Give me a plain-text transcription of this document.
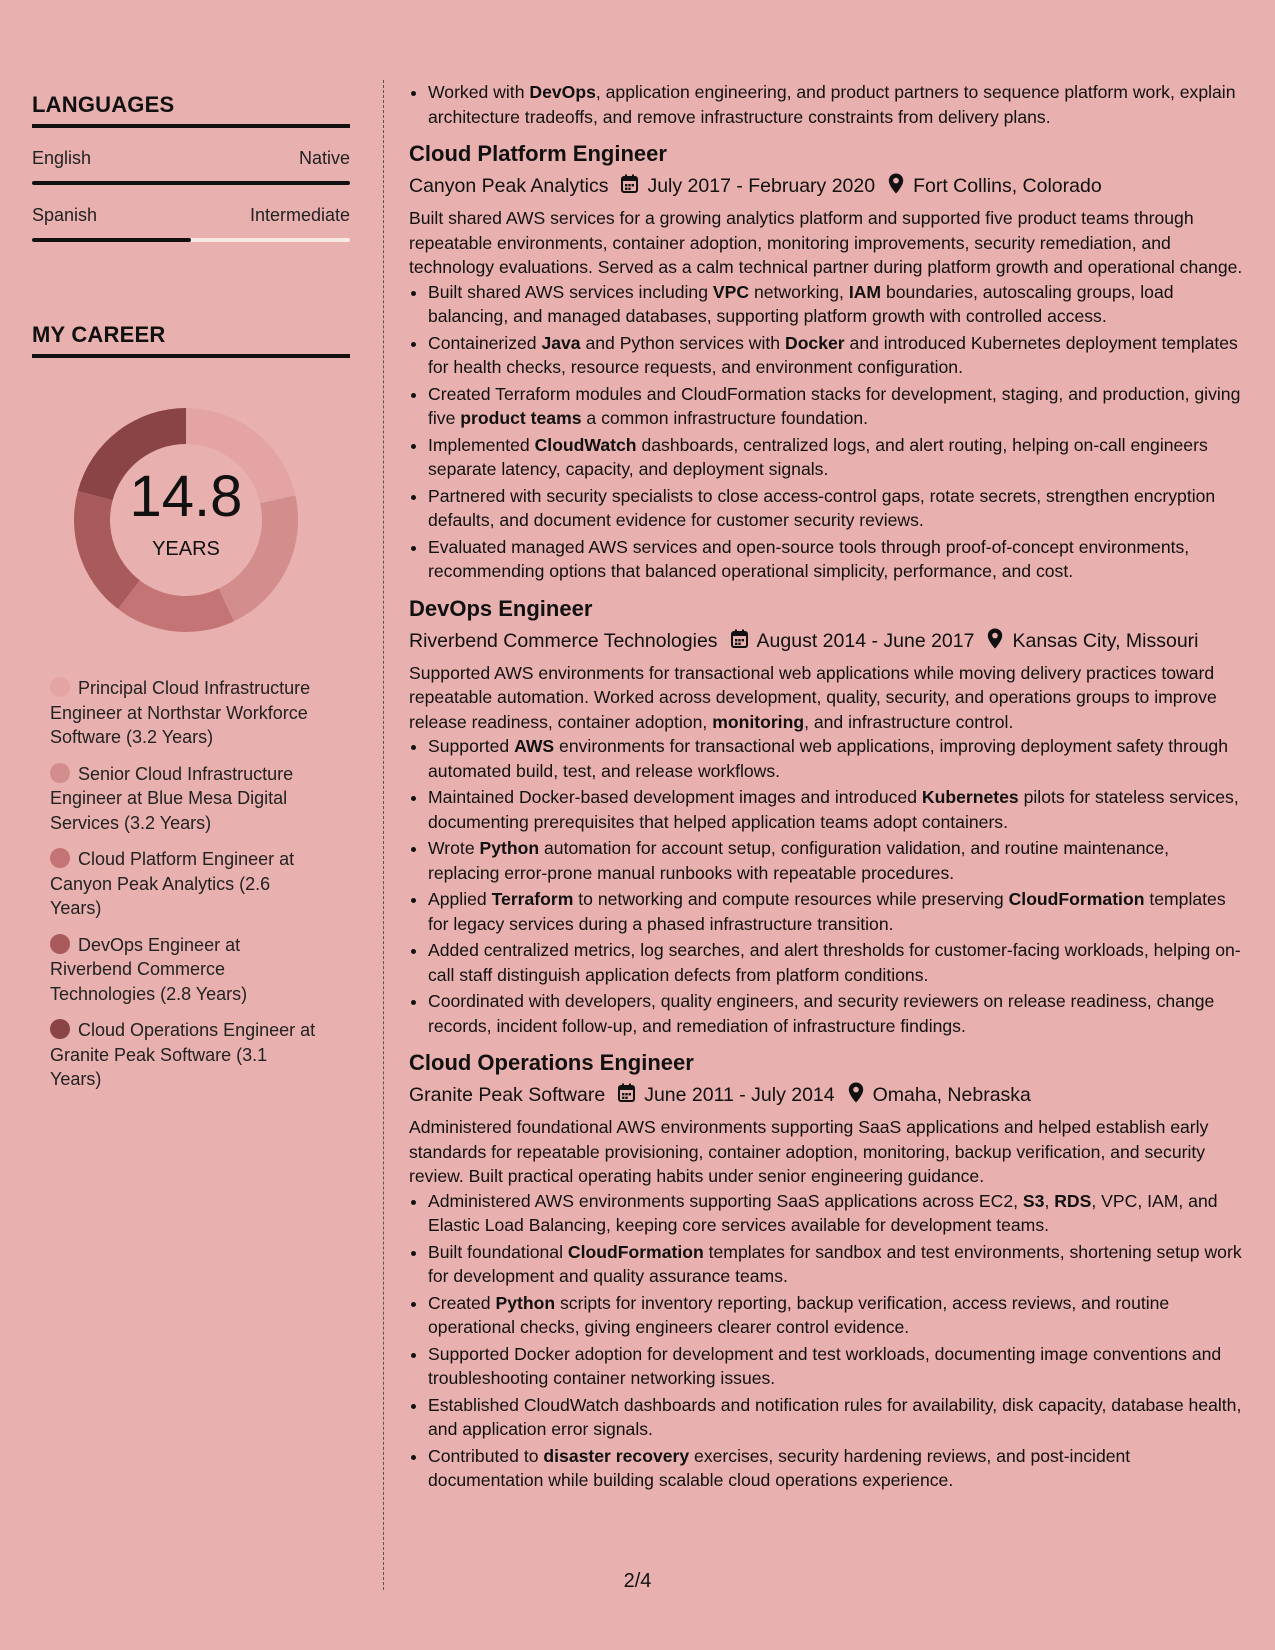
LANGUAGES
English	Native
Spanish	Intermediate
MY CAREER
14.8
YEARS
Principal Cloud Infrastructure Engineer at Northstar Workforce Software (3.2 Years)
Senior Cloud Infrastructure Engineer at Blue Mesa Digital Services (3.2 Years)
Cloud Platform Engineer at Canyon Peak Analytics (2.6 Years)
DevOps Engineer at Riverbend Commerce Technologies (2.8 Years)
Cloud Operations Engineer at Granite Peak Software (3.1 Years)
• Worked with DevOps, application engineering, and product partners to sequence platform work, explain architecture tradeoffs, and remove infrastructure constraints from delivery plans.
Cloud Platform Engineer
Canyon Peak Analytics July 2017 - February 2020 Fort Collins, Colorado
Built shared AWS services for a growing analytics platform and supported five product teams through repeatable environments, container adoption, monitoring improvements, security remediation, and technology evaluations. Served as a calm technical partner during platform growth and operational change.
• Built shared AWS services including VPC networking, IAM boundaries, autoscaling groups, load balancing, and managed databases, supporting platform growth with controlled access.
• Containerized Java and Python services with Docker and introduced Kubernetes deployment templates for health checks, resource requests, and environment configuration.
• Created Terraform modules and CloudFormation stacks for development, staging, and production, giving five product teams a common infrastructure foundation.
• Implemented CloudWatch dashboards, centralized logs, and alert routing, helping on-call engineers separate latency, capacity, and deployment signals.
• Partnered with security specialists to close access-control gaps, rotate secrets, strengthen encryption defaults, and document evidence for customer security reviews.
• Evaluated managed AWS services and open-source tools through proof-of-concept environments, recommending options that balanced operational simplicity, performance, and cost.
DevOps Engineer
Riverbend Commerce Technologies August 2014 - June 2017 Kansas City, Missouri
Supported AWS environments for transactional web applications while moving delivery practices toward repeatable automation. Worked across development, quality, security, and operations groups to improve release readiness, container adoption, monitoring, and infrastructure control.
• Supported AWS environments for transactional web applications, improving deployment safety through automated build, test, and release workflows.
• Maintained Docker-based development images and introduced Kubernetes pilots for stateless services, documenting prerequisites that helped application teams adopt containers.
• Wrote Python automation for account setup, configuration validation, and routine maintenance, replacing error-prone manual runbooks with repeatable procedures.
• Applied Terraform to networking and compute resources while preserving CloudFormation templates for legacy services during a phased infrastructure transition.
• Added centralized metrics, log searches, and alert thresholds for customer-facing workloads, helping on-call staff distinguish application defects from platform conditions.
• Coordinated with developers, quality engineers, and security reviewers on release readiness, change records, incident follow-up, and remediation of infrastructure findings.
Cloud Operations Engineer
Granite Peak Software June 2011 - July 2014 Omaha, Nebraska
Administered foundational AWS environments supporting SaaS applications and helped establish early standards for repeatable provisioning, container adoption, monitoring, backup verification, and security review. Built practical operating habits under senior engineering guidance.
• Administered AWS environments supporting SaaS applications across EC2, S3, RDS, VPC, IAM, and Elastic Load Balancing, keeping core services available for development teams.
• Built foundational CloudFormation templates for sandbox and test environments, shortening setup work for development and quality assurance teams.
• Created Python scripts for inventory reporting, backup verification, access reviews, and routine operational checks, giving engineers clearer control evidence.
• Supported Docker adoption for development and test workloads, documenting image conventions and troubleshooting container networking issues.
• Established CloudWatch dashboards and notification rules for availability, disk capacity, database health, and application error signals.
• Contributed to disaster recovery exercises, security hardening reviews, and post-incident documentation while building scalable cloud operations experience.
2/4
